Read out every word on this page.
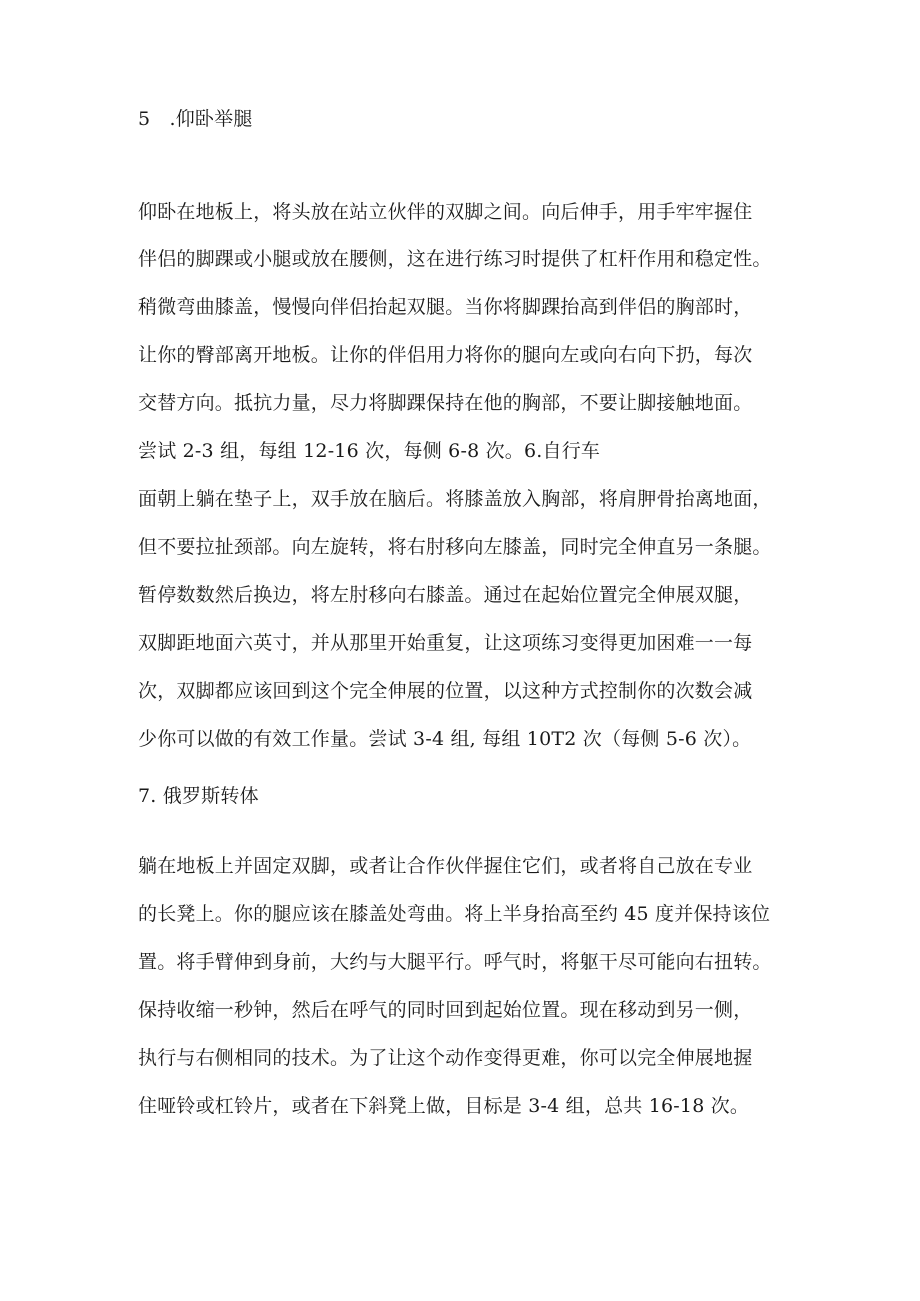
5　.仰卧举腿
仰卧在地板上，将头放在站立伙伴的双脚之间。向后伸手，用手牢牢握住
伴侣的脚踝或小腿或放在腰侧，这在进行练习时提供了杠杆作用和稳定性。
稍微弯曲膝盖，慢慢向伴侣抬起双腿。当你将脚踝抬高到伴侣的胸部时，
让你的臀部离开地板。让你的伴侣用力将你的腿向左或向右向下扔，每次
交替方向。抵抗力量，尽力将脚踝保持在他的胸部，不要让脚接触地面。
尝试 2-3 组，每组 12-16 次，每侧 6-8 次。6.自行车
面朝上躺在垫子上，双手放在脑后。将膝盖放入胸部，将肩胛骨抬离地面，
但不要拉扯颈部。向左旋转，将右肘移向左膝盖，同时完全伸直另一条腿。
暂停数数然后换边，将左肘移向右膝盖。通过在起始位置完全伸展双腿，
双脚距地面六英寸，并从那里开始重复，让这项练习变得更加困难一一每
次，双脚都应该回到这个完全伸展的位置，以这种方式控制你的次数会减
少你可以做的有效工作量。尝试 3-4 组, 每组 10T2 次（每侧 5-6 次）。
7. 俄罗斯转体
躺在地板上并固定双脚，或者让合作伙伴握住它们，或者将自己放在专业
的长凳上。你的腿应该在膝盖处弯曲。将上半身抬高至约 45 度并保持该位
置。将手臂伸到身前，大约与大腿平行。呼气时，将躯干尽可能向右扭转。
保持收缩一秒钟，然后在呼气的同时回到起始位置。现在移动到另一侧，
执行与右侧相同的技术。为了让这个动作变得更难，你可以完全伸展地握
住哑铃或杠铃片，或者在下斜凳上做，目标是 3-4 组，总共 16-18 次。
